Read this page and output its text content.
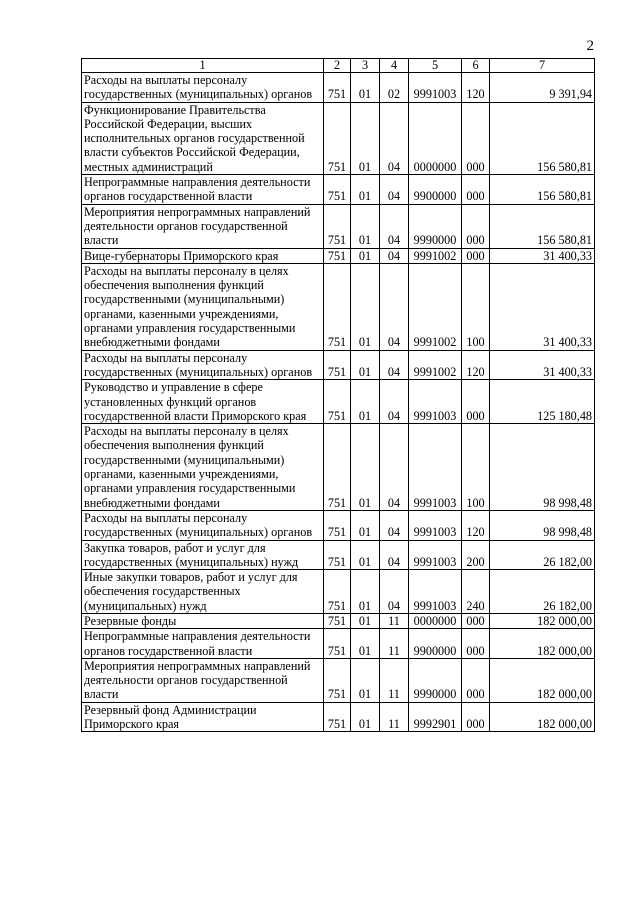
2
1	2	3	4	5	6	7
Расходы на выплаты персоналу государственных (муниципальных) органов	751	01	02	9991003	120	9 391,94
Функционирование Правительства Российской Федерации, высших исполнительных органов государственной власти субъектов Российской Федерации, местных администраций	751	01	04	0000000	000	156 580,81
Непрограммные направления деятельности органов государственной власти	751	01	04	9900000	000	156 580,81
Мероприятия непрограммных направлений деятельности органов государственной власти	751	01	04	9990000	000	156 580,81
Вице-губернаторы Приморского края	751	01	04	9991002	000	31 400,33
Расходы на выплаты персоналу в целях обеспечения выполнения функций государственными (муниципальными) органами, казенными учреждениями, органами управления государственными внебюджетными фондами	751	01	04	9991002	100	31 400,33
Расходы на выплаты персоналу государственных (муниципальных) органов	751	01	04	9991002	120	31 400,33
Руководство и управление в сфере установленных функций органов государственной власти Приморского края	751	01	04	9991003	000	125 180,48
Расходы на выплаты персоналу в целях обеспечения выполнения функций государственными (муниципальными) органами, казенными учреждениями, органами управления государственными внебюджетными фондами	751	01	04	9991003	100	98 998,48
Расходы на выплаты персоналу государственных (муниципальных) органов	751	01	04	9991003	120	98 998,48
Закупка товаров, работ и услуг для государственных (муниципальных) нужд	751	01	04	9991003	200	26 182,00
Иные закупки товаров, работ и услуг для обеспечения государственных (муниципальных) нужд	751	01	04	9991003	240	26 182,00
Резервные фонды	751	01	11	0000000	000	182 000,00
Непрограммные направления деятельности органов государственной власти	751	01	11	9900000	000	182 000,00
Мероприятия непрограммных направлений деятельности органов государственной власти	751	01	11	9990000	000	182 000,00
Резервный фонд Администрации Приморского края	751	01	11	9992901	000	182 000,00
